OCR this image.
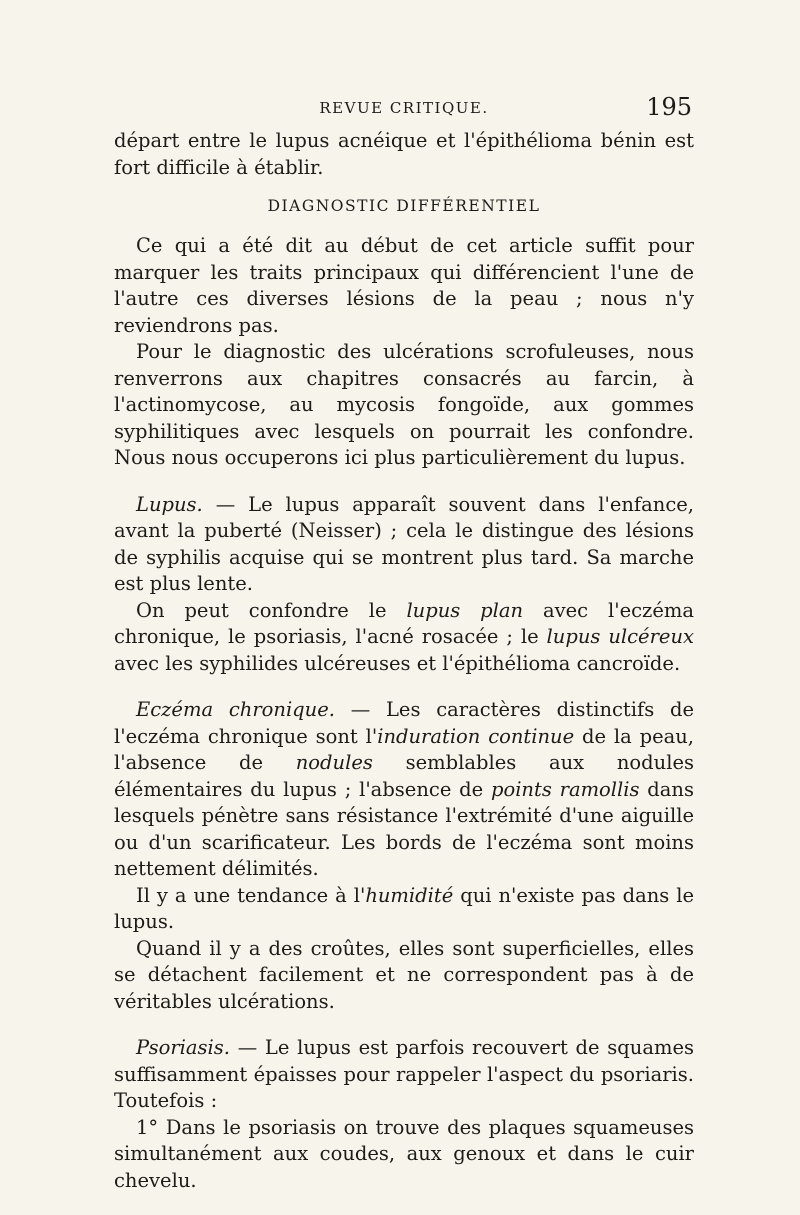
REVUE CRITIQUE.	195

départ entre le lupus acnéique et l'épithélioma bénin est fort difficile à établir.

DIAGNOSTIC DIFFÉRENTIEL

Ce qui a été dit au début de cet article suffit pour marquer les traits principaux qui différencient l'une de l'autre ces diverses lésions de la peau ; nous n'y reviendrons pas.

Pour le diagnostic des ulcérations scrofuleuses, nous renverrons aux chapitres consacrés au farcin, à l'actinomycose, au mycosis fongoïde, aux gommes syphilitiques avec lesquels on pourrait les confondre. Nous nous occuperons ici plus particulièrement du lupus.

Lupus. — Le lupus apparaît souvent dans l'enfance, avant la puberté (Neisser) ; cela le distingue des lésions de syphilis acquise qui se montrent plus tard. Sa marche est plus lente.

On peut confondre le lupus plan avec l'eczéma chronique, le psoriasis, l'acné rosacée ; le lupus ulcéreux avec les syphilides ulcéreuses et l'épithélioma cancroïde.

Eczéma chronique. — Les caractères distinctifs de l'eczéma chronique sont l'induration continue de la peau, l'absence de nodules semblables aux nodules élémentaires du lupus ; l'absence de points ramollis dans lesquels pénètre sans résistance l'extrémité d'une aiguille ou d'un scarificateur. Les bords de l'eczéma sont moins nettement délimités.

Il y a une tendance à l'humidité qui n'existe pas dans le lupus.

Quand il y a des croûtes, elles sont superficielles, elles se détachent facilement et ne correspondent pas à de véritables ulcérations.

Psoriasis. — Le lupus est parfois recouvert de squames suffisamment épaisses pour rappeler l'aspect du psoriaris. Toutefois :

1° Dans le psoriasis on trouve des plaques squameuses simultanément aux coudes, aux genoux et dans le cuir chevelu.
